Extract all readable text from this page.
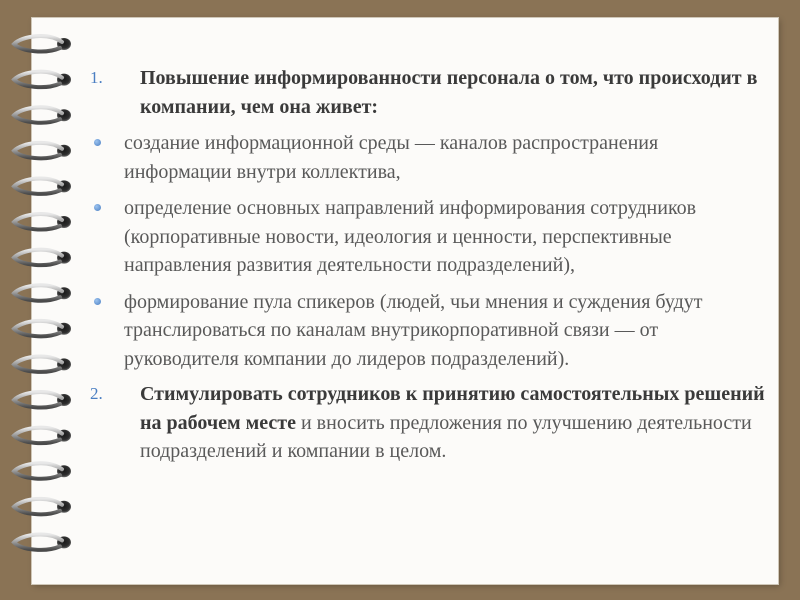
1. Повышение информированности персонала о том, что происходит в компании, чем она живет:
создание информационной среды — каналов распространения информации внутри коллектива,
определение основных направлений информирования сотрудников (корпоративные новости, идеология и ценности, перспективные направления развития деятельности подразделений),
формирование пула спикеров (людей, чьи мнения и суждения будут транслироваться по каналам внутрикорпоративной связи — от руководителя компании до лидеров подразделений).
2. Стимулировать сотрудников к принятию самостоятельных решений на рабочем месте и вносить предложения по улучшению деятельности подразделений и компании в целом.
